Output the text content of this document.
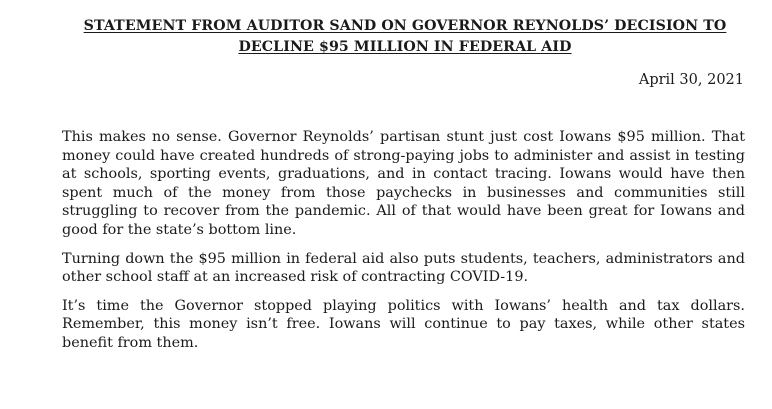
STATEMENT FROM AUDITOR SAND ON GOVERNOR REYNOLDS’ DECISION TO
DECLINE $95 MILLION IN FEDERAL AID
April 30, 2021

This makes no sense. Governor Reynolds’ partisan stunt just cost Iowans $95 million. That money could have created hundreds of strong-paying jobs to administer and assist in testing at schools, sporting events, graduations, and in contact tracing. Iowans would have then spent much of the money from those paychecks in businesses and communities still struggling to recover from the pandemic. All of that would have been great for Iowans and good for the state’s bottom line.

Turning down the $95 million in federal aid also puts students, teachers, administrators and other school staff at an increased risk of contracting COVID-19.

It’s time the Governor stopped playing politics with Iowans’ health and tax dollars. Remember, this money isn’t free. Iowans will continue to pay taxes, while other states benefit from them.
